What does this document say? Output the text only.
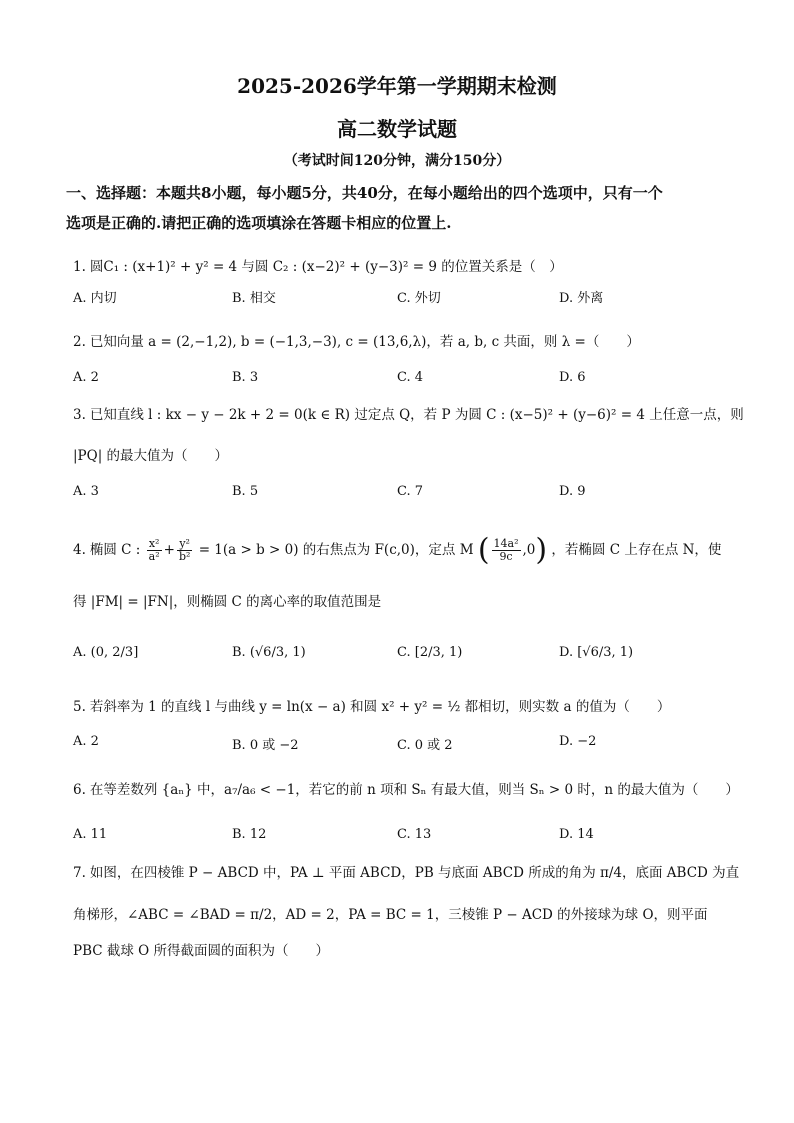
2025-2026学年第一学期期末检测
高二数学试题
（考试时间120分钟，满分150分）
一、选择题：本题共8小题，每小题5分，共40分，在每小题给出的四个选项中，只有一个
选项是正确的.请把正确的选项填涂在答题卡相应的位置上.
1. 圆C₁ : (x+1)² + y² = 4 与圆 C₂ : (x−2)² + (y−3)² = 9 的位置关系是（　）
A. 内切	B. 相交	C. 外切	D. 外离
2. 已知向量 a = (2,−1,2), b = (−1,3,−3), c = (13,6,λ)，若 a, b, c 共面，则 λ =（　　）
A. 2	B. 3	C. 4	D. 6
3. 已知直线 l : kx − y − 2k + 2 = 0(k ∈ R) 过定点 Q，若 P 为圆 C : (x−5)² + (y−6)² = 4 上任意一点，则
|PQ| 的最大值为（　　）
A. 3	B. 5	C. 7	D. 9
4. 椭圆 C : $\frac{\text{x²}}{\text{a²}} + \frac{\text{y²}}{\text{b²}} = 1(a > b > 0)$ 的右焦点为 F(c,0)，定点 M ( $\frac{\text{14a²}}{9c} ,0$) ，若椭圆 C 上存在点 N，使
得 |FM| = |FN|，则椭圆 C 的离心率的取值范围是
A. (0, 2/3]	B. (√6/3, 1)	C. [2/3, 1)	D. [√6/3, 1)
5. 若斜率为 1 的直线 l 与曲线 y = ln(x − a) 和圆 x² + y² = ½ 都相切，则实数 a 的值为（　　）
A. 2	B. 0 或 −2	C. 0 或 2	D. −2
6. 在等差数列 {aₙ} 中，a₇/a₆ < −1，若它的前 n 项和 Sₙ 有最大值，则当 Sₙ > 0 时，n 的最大值为（　　）
A. 11	B. 12	C. 13	D. 14
7. 如图，在四棱锥 P − ABCD 中，PA ⊥ 平面 ABCD，PB 与底面 ABCD 所成的角为 π/4，底面 ABCD 为直
角梯形，∠ABC = ∠BAD = π/2，AD = 2，PA = BC = 1，三棱锥 P − ACD 的外接球为球 O，则平面
PBC 截球 O 所得截面圆的面积为（　　）
